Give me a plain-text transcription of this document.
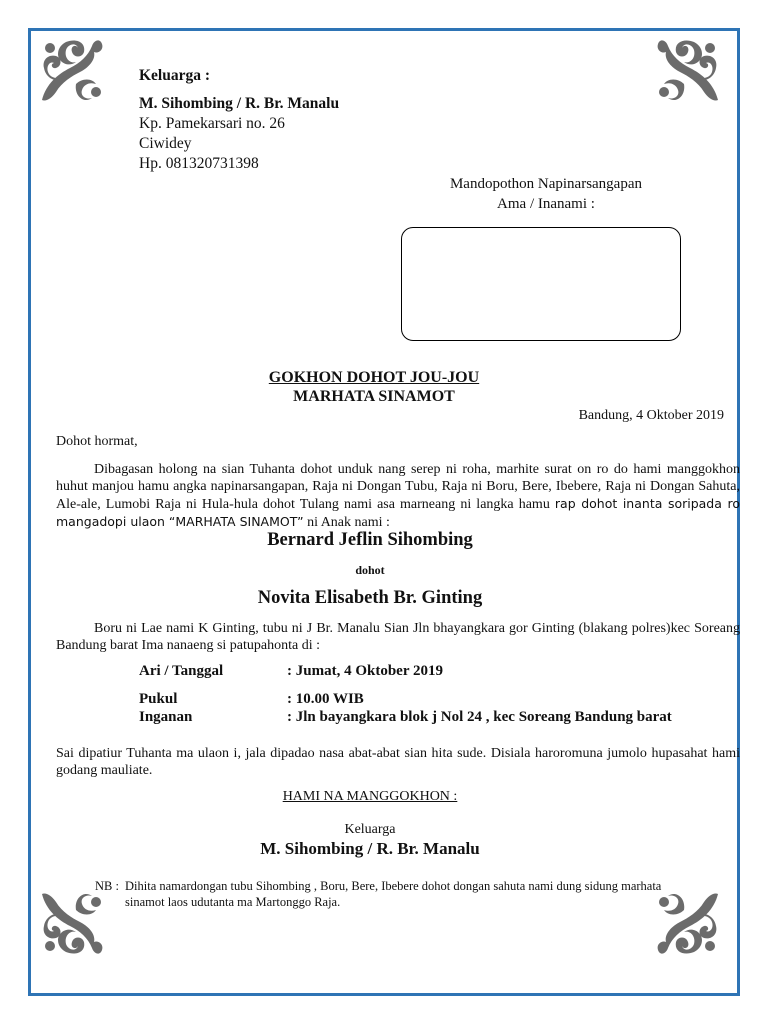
Keluarga :
M. Sihombing / R. Br. Manalu
Kp. Pamekarsari no. 26
Ciwidey
Hp. 081320731398
Mandopothon Napinarsangapan
Ama / Inanami :
GOKHON DOHOT JOU-JOU
MARHATA SINAMOT
Bandung, 4 Oktober 2019
Dohot hormat,

Dibagasan holong na sian Tuhanta dohot unduk nang serep ni roha, marhite surat on ro do hami manggokhon huhut manjou hamu angka napinarsangapan, Raja ni Dongan Tubu, Raja ni Boru, Bere, Ibebere, Raja ni Dongan Sahuta, Ale-ale, Lumobi Raja ni Hula-hula dohot Tulang nami asa marneang ni langka hamu rap dohot inanta soripada ro mangadopi ulaon “MARHATA SINAMOT” ni Anak nami :

Bernard Jeflin Sihombing
dohot
Novita Elisabeth Br. Ginting

Boru ni Lae nami K Ginting, tubu ni J Br. Manalu Sian Jln bhayangkara gor Ginting (blakang polres)kec Soreang Bandung barat Ima nanaeng si patupahonta di :

Ari / Tanggal	: Jumat, 4 Oktober 2019
Pukul	: 10.00 WIB
Inganan	: Jln bayangkara blok j Nol 24 , kec Soreang Bandung barat

Sai dipatiur Tuhanta ma ulaon i, jala dipadao nasa abat-abat sian hita sude. Disiala haroromuna jumolo hupasahat hami godang mauliate.

HAMI NA MANGGOKHON :
Keluarga
M. Sihombing / R. Br. Manalu
NB : Dihita namardongan tubu Sihombing , Boru, Bere, Ibebere dohot dongan sahuta nami dung sidung marhata sinamot laos udutanta ma Martonggo Raja.
